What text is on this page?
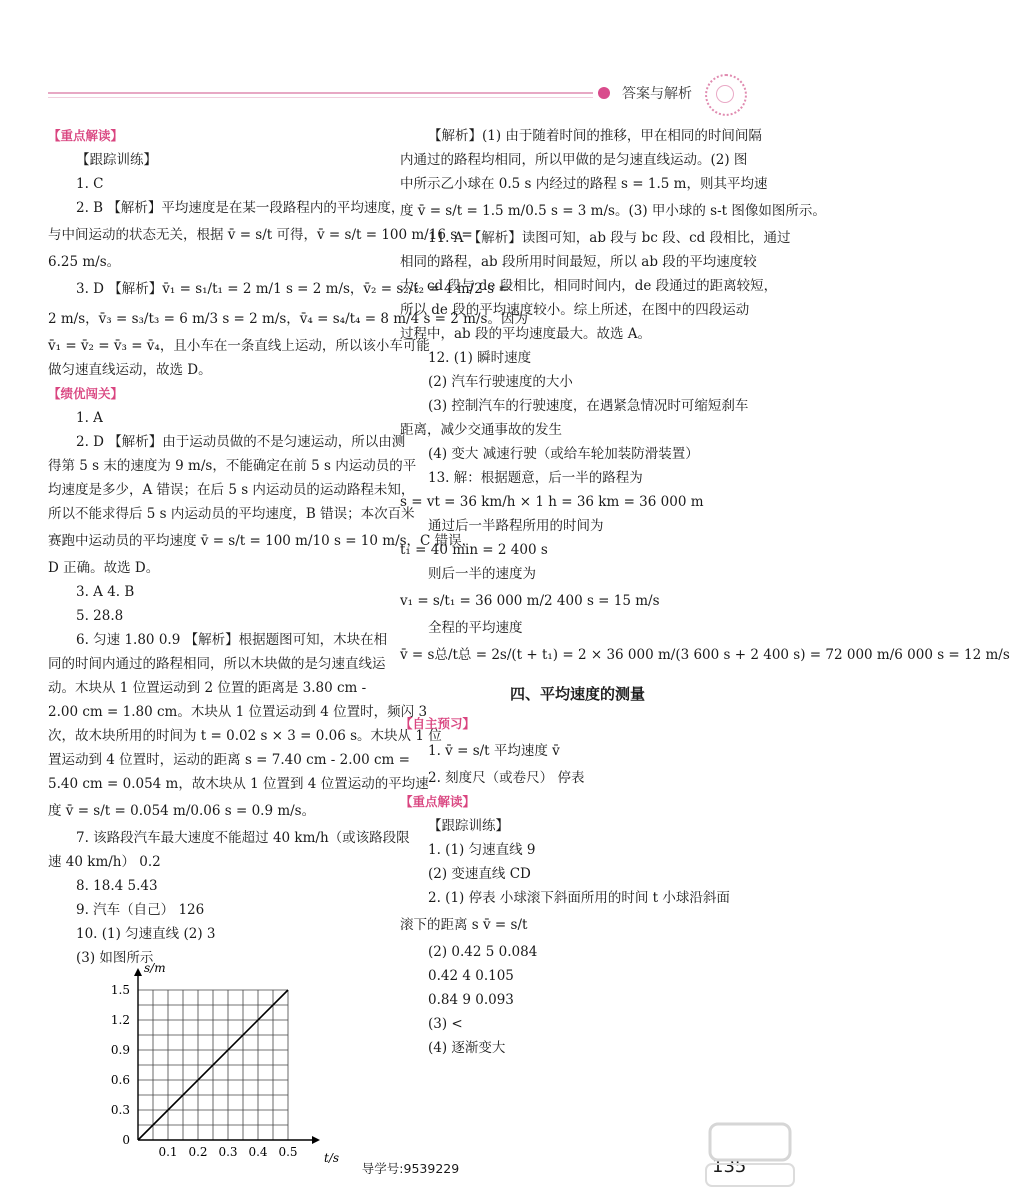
答案与解析
【重点解读】
【跟踪训练】
1. C
2. B 【解析】平均速度是在某一段路程内的平均速度，
与中间运动的状态无关，根据 v̄ = s/t 可得，v̄ = s/t = 100 m/16 s =
6.25 m/s。
3. D 【解析】v̄₁ = s₁/t₁ = 2 m/1 s = 2 m/s，v̄₂ = s₂/t₂ = 4 m/2 s =
2 m/s，v̄₃ = s₃/t₃ = 6 m/3 s = 2 m/s，v̄₄ = s₄/t₄ = 8 m/4 s = 2 m/s。因为
v̄₁ = v̄₂ = v̄₃ = v̄₄，且小车在一条直线上运动，所以该小车可能
做匀速直线运动，故选 D。
【绩优闯关】
1. A
2. D 【解析】由于运动员做的不是匀速运动，所以由测
得第 5 s 末的速度为 9 m/s，不能确定在前 5 s 内运动员的平
均速度是多少，A 错误；在后 5 s 内运动员的运动路程未知，
所以不能求得后 5 s 内运动员的平均速度，B 错误；本次百米
赛跑中运动员的平均速度 v̄ = s/t = 100 m/10 s = 10 m/s，C 错误，
D 正确。故选 D。
3. A 4. B
5. 28.8
6. 匀速 1.80 0.9 【解析】根据题图可知，木块在相
同的时间内通过的路程相同，所以木块做的是匀速直线运
动。木块从 1 位置运动到 2 位置的距离是 3.80 cm -
2.00 cm = 1.80 cm。木块从 1 位置运动到 4 位置时，频闪 3
次，故木块所用的时间为 t = 0.02 s × 3 = 0.06 s。木块从 1 位
置运动到 4 位置时，运动的距离 s = 7.40 cm - 2.00 cm =
5.40 cm = 0.054 m，故木块从 1 位置到 4 位置运动的平均速
度 v̄ = s/t = 0.054 m/0.06 s = 0.9 m/s。
7. 该路段汽车最大速度不能超过 40 km/h（或该路段限
速 40 km/h） 0.2
8. 18.4 5.43
9. 汽车（自己） 126
10. (1) 匀速直线 (2) 3
(3) 如图所示
1.5
1.2
0.9
0.6
0.3
0
0.1 0.2 0.3 0.4 0.5
s/m
t/s
【解析】(1) 由于随着时间的推移，甲在相同的时间间隔
内通过的路程均相同，所以甲做的是匀速直线运动。(2) 图
中所示乙小球在 0.5 s 内经过的路程 s = 1.5 m，则其平均速
度 v̄ = s/t = 1.5 m/0.5 s = 3 m/s。(3) 甲小球的 s-t 图像如图所示。
11. A 【解析】读图可知，ab 段与 bc 段、cd 段相比，通过
相同的路程，ab 段所用时间最短，所以 ab 段的平均速度较
大；cd 段与 de 段相比，相同时间内，de 段通过的距离较短，
所以 de 段的平均速度较小。综上所述，在图中的四段运动
过程中，ab 段的平均速度最大。故选 A。
12. (1) 瞬时速度
(2) 汽车行驶速度的大小
(3) 控制汽车的行驶速度，在遇紧急情况时可缩短刹车
距离，减少交通事故的发生
(4) 变大 减速行驶（或给车轮加装防滑装置）
13. 解：根据题意，后一半的路程为
s = vt = 36 km/h × 1 h = 36 km = 36 000 m
通过后一半路程所用的时间为
t₁ = 40 min = 2 400 s
则后一半的速度为
v₁ = s/t₁ = 36 000 m/2 400 s = 15 m/s
全程的平均速度
v̄ = s总/t总 = 2s/(t + t₁) = 2 × 36 000 m/(3 600 s + 2 400 s) = 72 000 m/6 000 s = 12 m/s
四、平均速度的测量
【自主预习】
1. v̄ = s/t 平均速度 v̄
2. 刻度尺（或卷尺） 停表
【重点解读】
【跟踪训练】
1. (1) 匀速直线 9
(2) 变速直线 CD
2. (1) 停表 小球滚下斜面所用的时间 t 小球沿斜面
滚下的距离 s v̄ = s/t
(2) 0.42 5 0.084
0.42 4 0.105
0.84 9 0.093
(3) <
(4) 逐渐变大
导学号:9539229	135
